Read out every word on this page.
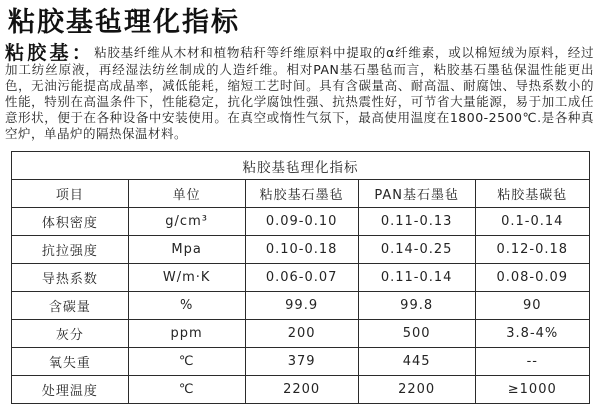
粘胶基毡理化指标

粘胶基：粘胶基纤维从木材和植物秸秆等纤维原料中提取的α纤维素，或以棉短绒为原料，经过加工纺丝原液，再经湿法纺丝制成的人造纤维。相对PAN基石墨毡而言，粘胶基石墨毡保温性能更出色，无油污能提高成晶率，减低能耗，缩短工艺时间。具有含碳量高、耐高温、耐腐蚀、导热系数小的性能，特别在高温条件下，性能稳定，抗化学腐蚀性强、抗热震性好，可节省大量能源，易于加工成任意形状，便于在各种设备中安装使用。在真空或惰性气氛下，最高使用温度在1800-2500℃.是各种真空炉，单晶炉的隔热保温材料。

粘胶基毡理化指标				
项目	单位	粘胶基石墨毡	PAN基石墨毡	粘胶基碳毡
体积密度	g/cm³	0.09-0.10	0.11-0.13	0.1-0.14
抗拉强度	Mpa	0.10-0.18	0.14-0.25	0.12-0.18
导热系数	W/m·K	0.06-0.07	0.11-0.14	0.08-0.09
含碳量	%	99.9	99.8	90
灰分	ppm	200	500	3.8-4%
氧失重	℃	379	445	--
处理温度	℃	2200	2200	≥1000
